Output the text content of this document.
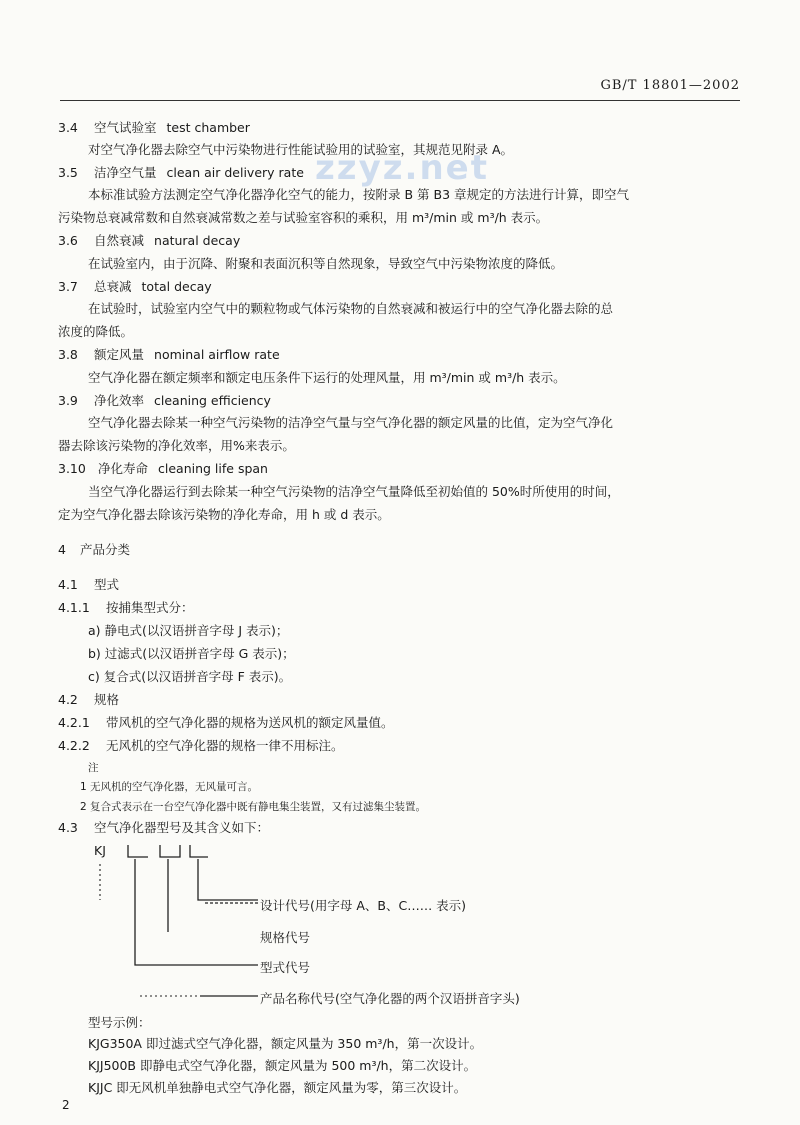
GB/T 18801—2002
zzyz.net
3.4 空气试验室 test chamber
对空气净化器去除空气中污染物进行性能试验用的试验室，其规范见附录 A。
3.5 洁净空气量 clean air delivery rate
本标准试验方法测定空气净化器净化空气的能力，按附录 B 第 B3 章规定的方法进行计算，即空气
污染物总衰减常数和自然衰减常数之差与试验室容积的乘积，用 m³/min 或 m³/h 表示。
3.6 自然衰减 natural decay
在试验室内，由于沉降、附聚和表面沉积等自然现象，导致空气中污染物浓度的降低。
3.7 总衰减 total decay
在试验时，试验室内空气中的颗粒物或气体污染物的自然衰减和被运行中的空气净化器去除的总
浓度的降低。
3.8 额定风量 nominal airflow rate
空气净化器在额定频率和额定电压条件下运行的处理风量，用 m³/min 或 m³/h 表示。
3.9 净化效率 cleaning efficiency
空气净化器去除某一种空气污染物的洁净空气量与空气净化器的额定风量的比值，定为空气净化
器去除该污染物的净化效率，用%来表示。
3.10 净化寿命 cleaning life span
当空气净化器运行到去除某一种空气污染物的洁净空气量降低至初始值的 50%时所使用的时间，
定为空气净化器去除该污染物的净化寿命，用 h 或 d 表示。
4 产品分类
4.1 型式
4.1.1 按捕集型式分：
a) 静电式(以汉语拼音字母 J 表示)；
b) 过滤式(以汉语拼音字母 G 表示)；
c) 复合式(以汉语拼音字母 F 表示)。
4.2 规格
4.2.1 带风机的空气净化器的规格为送风机的额定风量值。
4.2.2 无风机的空气净化器的规格一律不用标注。
注
1 无风机的空气净化器，无风量可言。
2 复合式表示在一台空气净化器中既有静电集尘装置，又有过滤集尘装置。
4.3 空气净化器型号及其含义如下：
KJ
设计代号(用字母 A、B、C…… 表示)
规格代号
型式代号
产品名称代号(空气净化器的两个汉语拼音字头)
型号示例：
KJG350A 即过滤式空气净化器，额定风量为 350 m³/h，第一次设计。
KJJ500B 即静电式空气净化器，额定风量为 500 m³/h，第二次设计。
KJJC 即无风机单独静电式空气净化器，额定风量为零，第三次设计。
2
